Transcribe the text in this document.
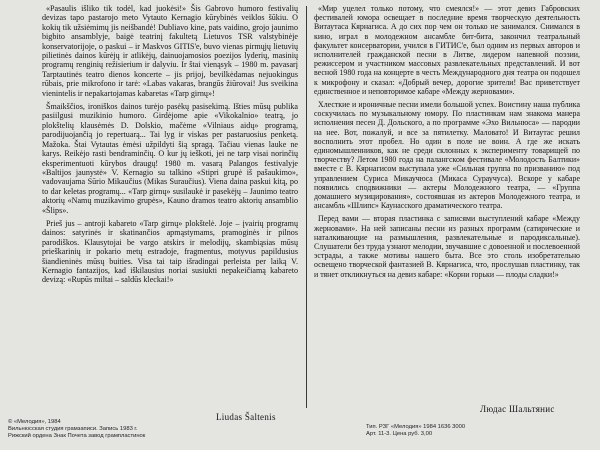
«Pasaulis išliko tik todėl, kad juokėsi!» Šis Gabrovo humoro festivalių devizas tapo pastarojo meto Vytauto Kernagio kūrybinės veiklos šūkiu. O kokių tik užsiėmimų jis neišbandė! Dubliavo kine, pats vaidino, grojo jaunimo bigbito ansamblyje, baigė teatrinį fakultetą Lietuvos TSR valstybinėje konservatorijoje, o paskui – ir Maskvos GITIS'e, buvo vienas pirmųjų lietuvių pilietinės dainos kūrėjų ir atlikėjų, dainuojamosios poezijos lyderių, masinių programų renginių režisierium ir dalyviu. Ir štai vienąsyk – 1980 m. pavasarį Tarptautinės teatro dienos koncerte – jis prijoj, bevilkėdamas nejuokingus rūbais, prie mikrofono ir tarė: «Labas vakaras, brangūs žiūrovai! Jus sveikina vienintelis ir nepakartojamas kabaretas «Tarp girnų»!

Šmaikščios, ironiškos dainos turėjo pasėkų pasisekimą. Išties mūsų publika pasiilgusi muzikinio humoro. Girdėjome apie «Vikokalnio» teatrą, jo plokštelių klausėmės D. Dolskio, mačėme «Vilniaus aidų» programą, parodijuojančią jo repertuarą... Tai lyg ir viskas per pastaruosius penketą. Mažoka. Štai Vytautas ėmėsi užpildyti šią spragą. Tačiau vienas lauke ne karys. Reikėjo rasti bendraminčių. O kur jų ieškoti, jei ne tarp visai norinčių eksperimentuoti kūrybos draugų! 1980 m. vasarą Palangos festivalyje «Baltijos jaunystė» V. Kernagio su talkino «Stipri grupė iš pašaukimo», vadovaujama Sūrio Mikaučius (Mikas Suraučius). Viena daina paskui kitą, po to dar keletas programų... «Tarp girnų» susilaukė ir pasekėjų – Jaunimo teatro aktorių «Namų muzikavimo grupės», Kauno dramos teatro aktorių ansamblio «Šlips».

Prieš jus – antroji kabareto «Tarp girnų» plokštelė. Joje – įvairių programų dainos: satyrinės ir skatinančios apmąstymams, pramoginės ir pilnos parodiškos. Klausytojai be vargo atskirs ir melodijų, skambiąsias mūsų prieškarinių ir pokario metų estradoje, fragmentus, motyvus papildusius šiandieninės mūsų buities. Visa tai taip išradingai perleista per laiką V. Kernagio fantazijos, kad iškilausius noriai susiukti nepakeičiamą kabareto devizą: «Rupūs miltai – saldūs kleckai!»

«Мир уцелел только потому, что смеялся!» — этот девиз Габровских фестивалей юмора освещает в последние время творческую деятельность Витаутаса Кярнагиса. А до сих пор чем он только не занимался. Снимался в кино, играл в молодежном ансамбле бит-бита, закончил театральный факультет консерватории, учился в ГИТИС'е, был одним из первых авторов и исполнителей гражданской песни в Литве, лидером напевной поэзии, режиссером и участником массовых развлекательных представлений. И вот весной 1980 года на концерте в честь Международного дня театра он подошел к микрофону и сказал: «Добрый вечер, дорогие зрители! Вас приветствует единственное и неповторимое кабаре «Между жерновами».

Хлесткие и ироничные песни имели большой успех. Воистину наша публика соскучилась по музыкальному юмору. По пластинкам нам знакома манера исполнения песен Д. Дольского, а по программе «Эхо Вильнюса» — пародии на нее. Вот, пожалуй, и все за пятилетку. Маловато! И Витаутас решил восполнить этот пробел. Но один в поле не воин. А где же искать единомышленников, как не среди склонных к эксперименту товарищей по творчеству? Летом 1980 года на палангском фестивале «Молодость Балтики» вместе с В. Кярнагисом выступала уже «Сильная группа по призванию» под управлением Суриса Микаучюса (Микаса Сураучуса). Вскоре у кабаре появились сподвижники — актеры Молодежного театра, — «Группа домашнего музицирования», состоявшая из актеров Молодежного театра, и ансамбль «Шлипс» Каунасского драматического театра.

Перед вами — вторая пластинка с записями выступлений кабаре «Между жерновами». На ней записаны песни из разных программ (сатирические и наталкивающие на размышления, развлекательные и пародиксальные). Слушатели без труда узнают мелодии, звучавшие с довоенной и послевоенной эстрады, а также мотивы нашего быта. Все это столь изобретательно освещено творческой фантазией В. Кярнагиса, что, прослушав пластинку, так и тянет откликнуться на девиз кабаре: «Корни горьки — плоды сладки!»

Liudas Šaltenis
Людас Шальтянис
© «Мелодия», 1984
Вильнюсская студия грамзаписи. Запись 1983 г.
Рижский ордена Знак Почета завод грампластинок
Тип. РЗГ «Мелодия» 1984 1636 3000
Арт. 11-3. Цена руб. 3,00
